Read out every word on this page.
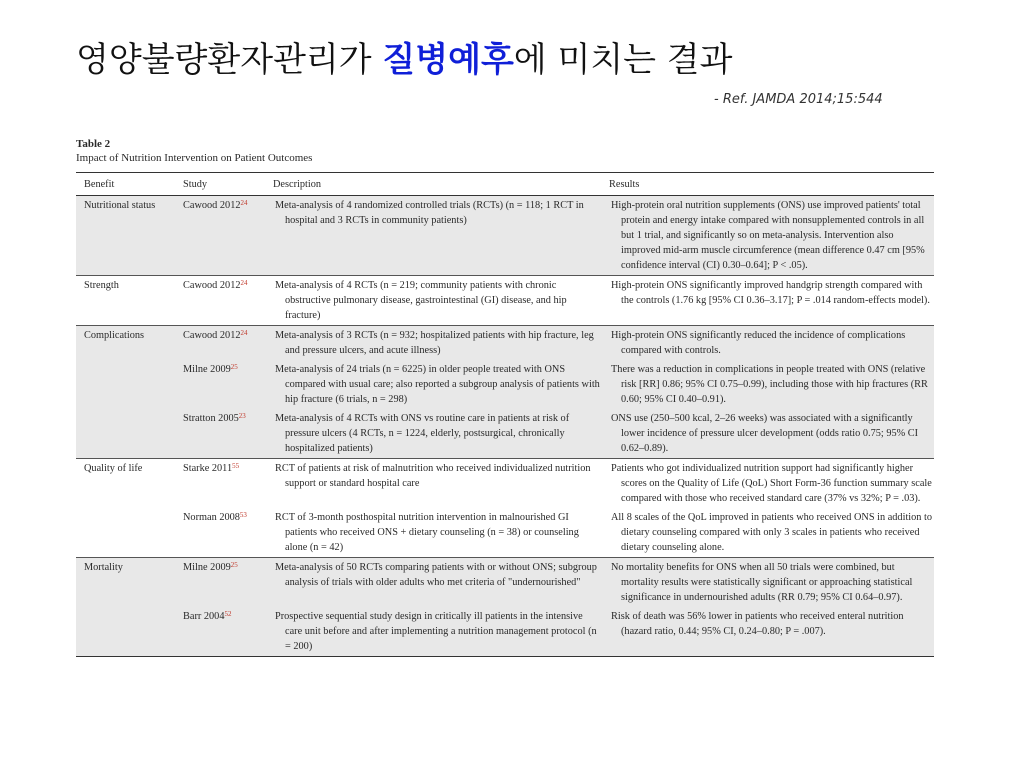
영양불량환자관리가 질병예후에 미치는 결과
- Ref. JAMDA 2014;15:544
Table 2
Impact of Nutrition Intervention on Patient Outcomes
Benefit	Study	Description	Results
Nutritional status	Cawood 2012$^{24}$	Meta-analysis of 4 randomized controlled trials (RCTs) (n = 118; 1 RCT in hospital and 3 RCTs in community patients)	High-protein oral nutrition supplements (ONS) use improved patients' total protein and energy intake compared with nonsupplemented controls in all but 1 trial, and significantly so on meta-analysis. Intervention also improved mid-arm muscle circumference (mean difference 0.47 cm [95% confidence interval (CI) 0.30–0.64]; P < .05).
Strength	Cawood 2012$^{24}$	Meta-analysis of 4 RCTs (n = 219; community patients with chronic obstructive pulmonary disease, gastrointestinal (GI) disease, and hip fracture)	High-protein ONS significantly improved handgrip strength compared with the controls (1.76 kg [95% CI 0.36–3.17]; P = .014 random-effects model).
Complications	Cawood 2012$^{24}$	Meta-analysis of 3 RCTs (n = 932; hospitalized patients with hip fracture, leg and pressure ulcers, and acute illness)	High-protein ONS significantly reduced the incidence of complications compared with controls.
	Milne 2009$^{25}$	Meta-analysis of 24 trials (n = 6225) in older people treated with ONS compared with usual care; also reported a subgroup analysis of patients with hip fracture (6 trials, n = 298)	There was a reduction in complications in people treated with ONS (relative risk [RR] 0.86; 95% CI 0.75–0.99), including those with hip fractures (RR 0.60; 95% CI 0.40–0.91).
	Stratton 2005$^{23}$	Meta-analysis of 4 RCTs with ONS vs routine care in patients at risk of pressure ulcers (4 RCTs, n = 1224, elderly, postsurgical, chronically hospitalized patients)	ONS use (250–500 kcal, 2–26 weeks) was associated with a significantly lower incidence of pressure ulcer development (odds ratio 0.75; 95% CI 0.62–0.89).
Quality of life	Starke 2011$^{55}$	RCT of patients at risk of malnutrition who received individualized nutrition support or standard hospital care	Patients who got individualized nutrition support had significantly higher scores on the Quality of Life (QoL) Short Form-36 function summary scale compared with those who received standard care (37% vs 32%; P = .03).
	Norman 2008$^{53}$	RCT of 3-month posthospital nutrition intervention in malnourished GI patients who received ONS + dietary counseling (n = 38) or counseling alone (n = 42)	All 8 scales of the QoL improved in patients who received ONS in addition to dietary counseling compared with only 3 scales in patients who received dietary counseling alone.
Mortality	Milne 2009$^{25}$	Meta-analysis of 50 RCTs comparing patients with or without ONS; subgroup analysis of trials with older adults who met criteria of "undernourished"	No mortality benefits for ONS when all 50 trials were combined, but mortality results were statistically significant or approaching statistical significance in undernourished adults (RR 0.79; 95% CI 0.64–0.97).
	Barr 2004$^{52}$	Prospective sequential study design in critically ill patients in the intensive care unit before and after implementing a nutrition management protocol (n = 200)	Risk of death was 56% lower in patients who received enteral nutrition (hazard ratio, 0.44; 95% CI, 0.24–0.80; P = .007).
